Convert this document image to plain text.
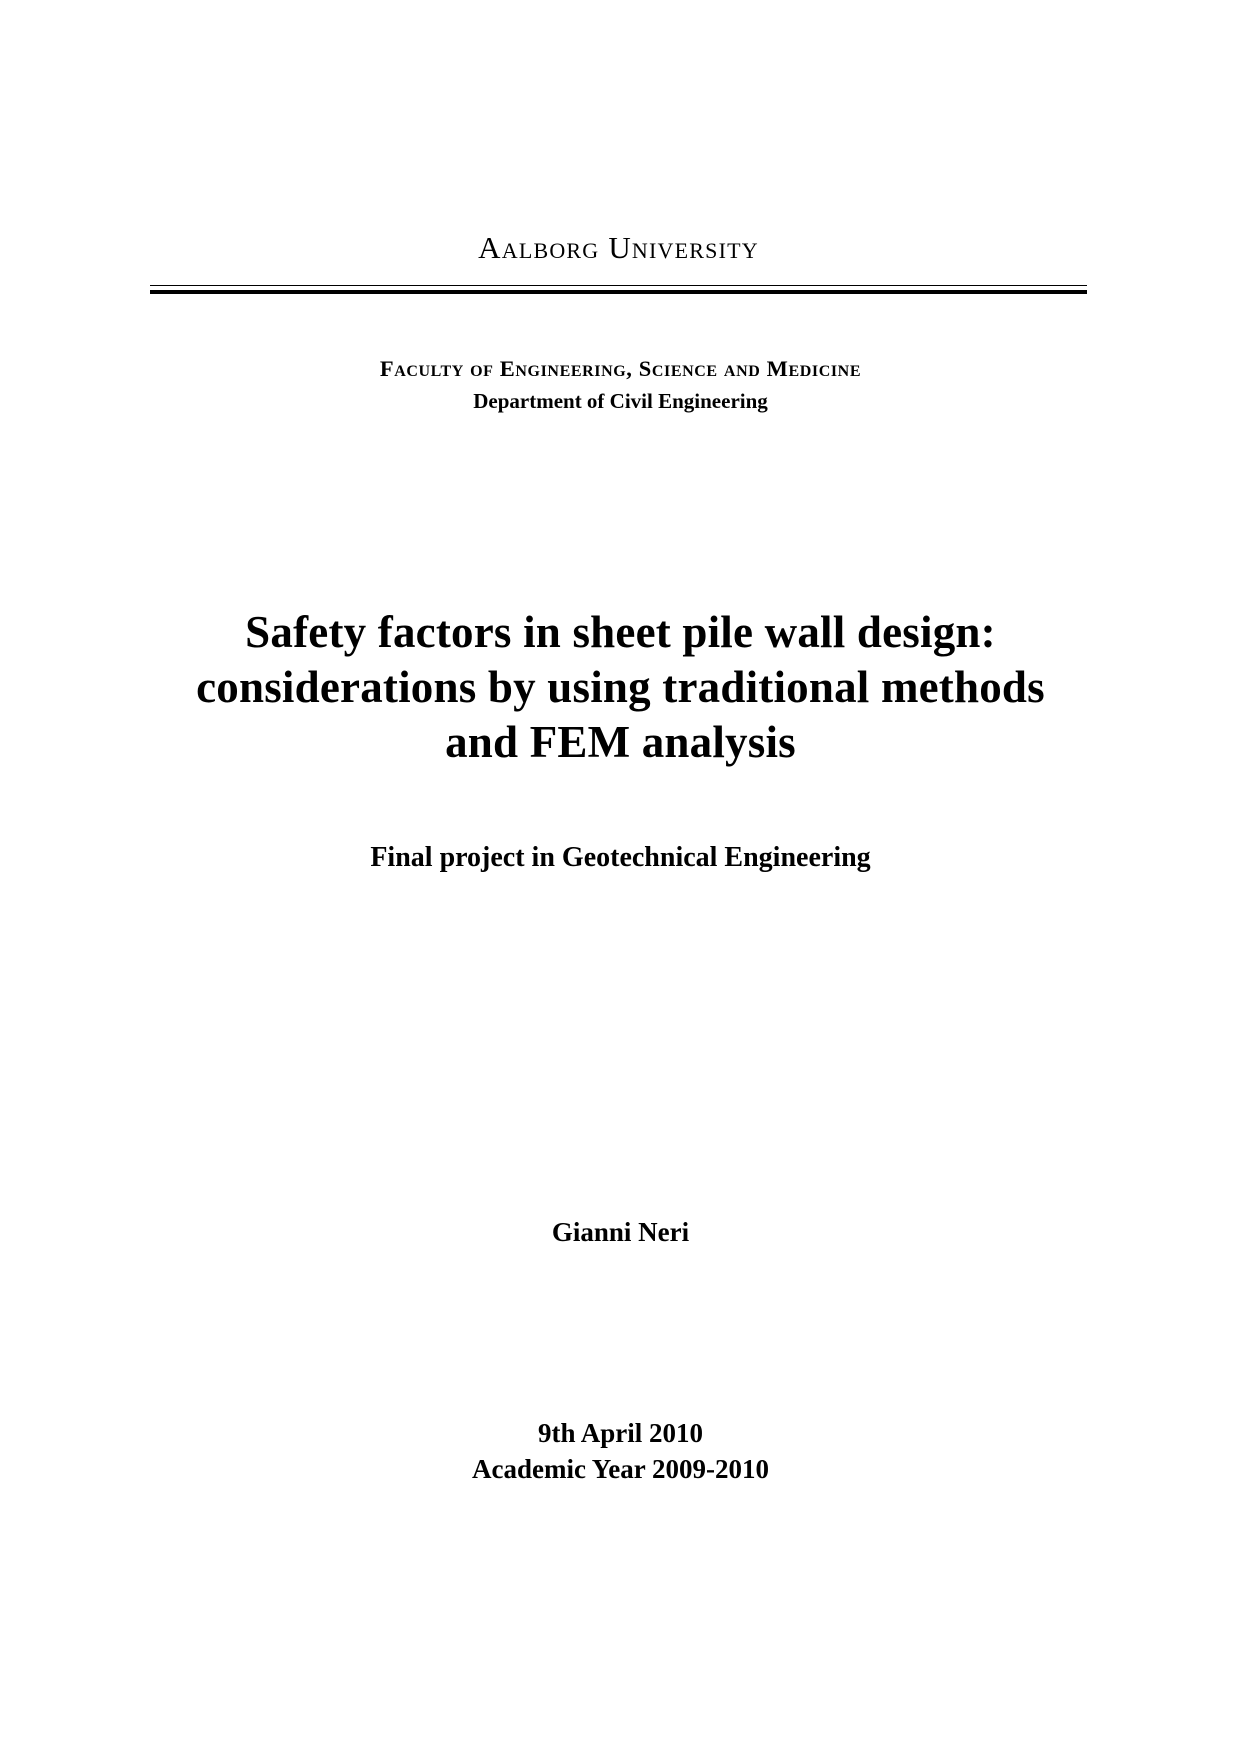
Aalborg University
Faculty of Engineering, Science and Medicine
Department of Civil Engineering
Safety factors in sheet pile wall design:
considerations by using traditional methods
and FEM analysis
Final project in Geotechnical Engineering
Gianni Neri
9th April 2010
Academic Year 2009-2010
